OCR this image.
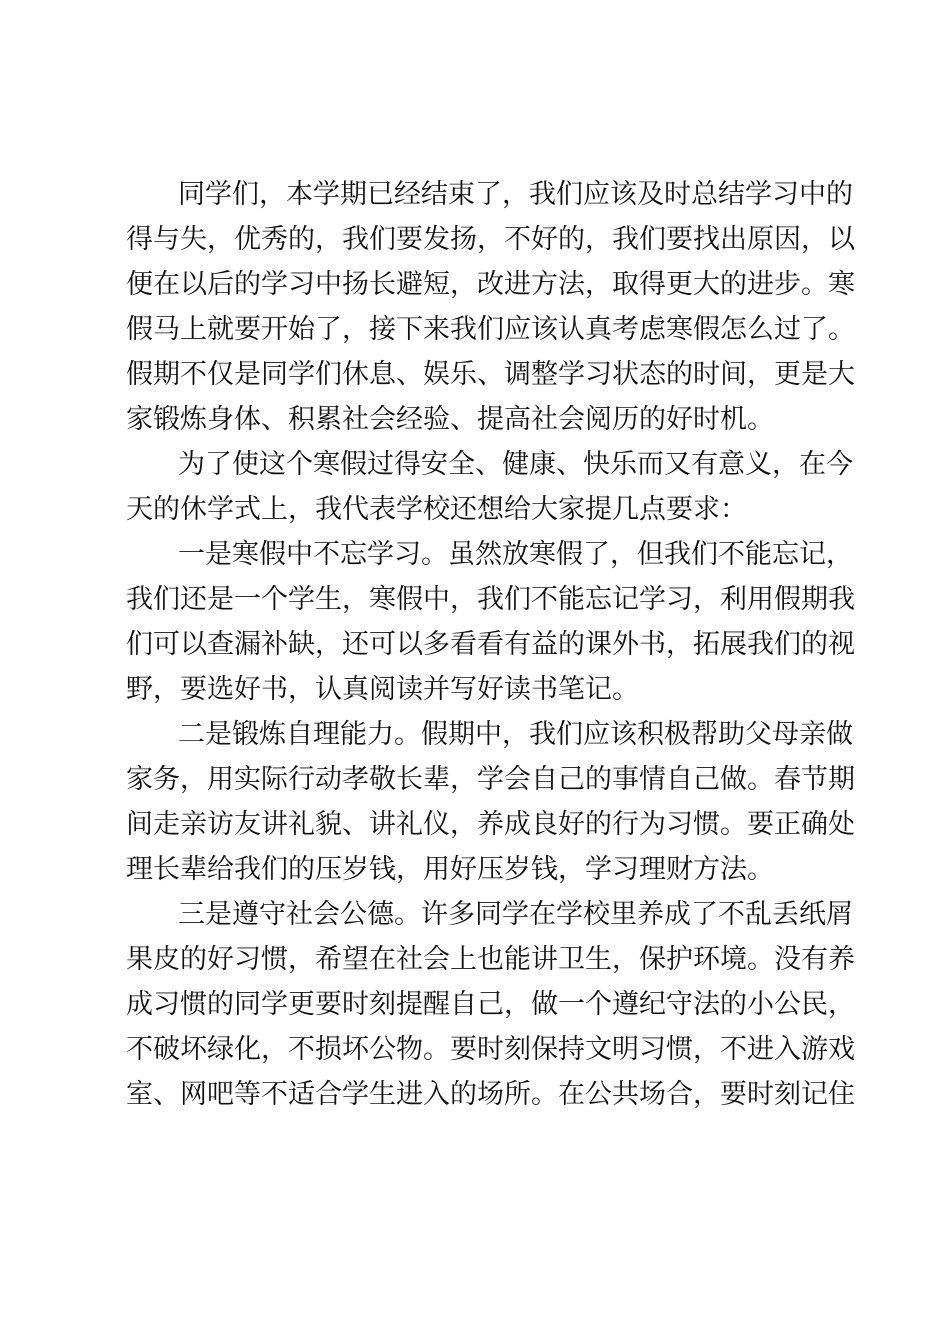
同学们，本学期已经结束了，我们应该及时总结学习中的
得与失，优秀的，我们要发扬，不好的，我们要找出原因，以
便在以后的学习中扬长避短，改进方法，取得更大的进步。寒
假马上就要开始了，接下来我们应该认真考虑寒假怎么过了。
假期不仅是同学们休息、娱乐、调整学习状态的时间，更是大
家锻炼身体、积累社会经验、提高社会阅历的好时机。
为了使这个寒假过得安全、健康、快乐而又有意义，在今
天的休学式上，我代表学校还想给大家提几点要求：
一是寒假中不忘学习。虽然放寒假了，但我们不能忘记，
我们还是一个学生，寒假中，我们不能忘记学习，利用假期我
们可以查漏补缺，还可以多看看有益的课外书，拓展我们的视
野，要选好书，认真阅读并写好读书笔记。
二是锻炼自理能力。假期中，我们应该积极帮助父母亲做
家务，用实际行动孝敬长辈，学会自己的事情自己做。春节期
间走亲访友讲礼貌、讲礼仪，养成良好的行为习惯。要正确处
理长辈给我们的压岁钱，用好压岁钱，学习理财方法。
三是遵守社会公德。许多同学在学校里养成了不乱丢纸屑
果皮的好习惯，希望在社会上也能讲卫生，保护环境。没有养
成习惯的同学更要时刻提醒自己，做一个遵纪守法的小公民，
不破坏绿化，不损坏公物。要时刻保持文明习惯，不进入游戏
室、网吧等不适合学生进入的场所。在公共场合，要时刻记住
